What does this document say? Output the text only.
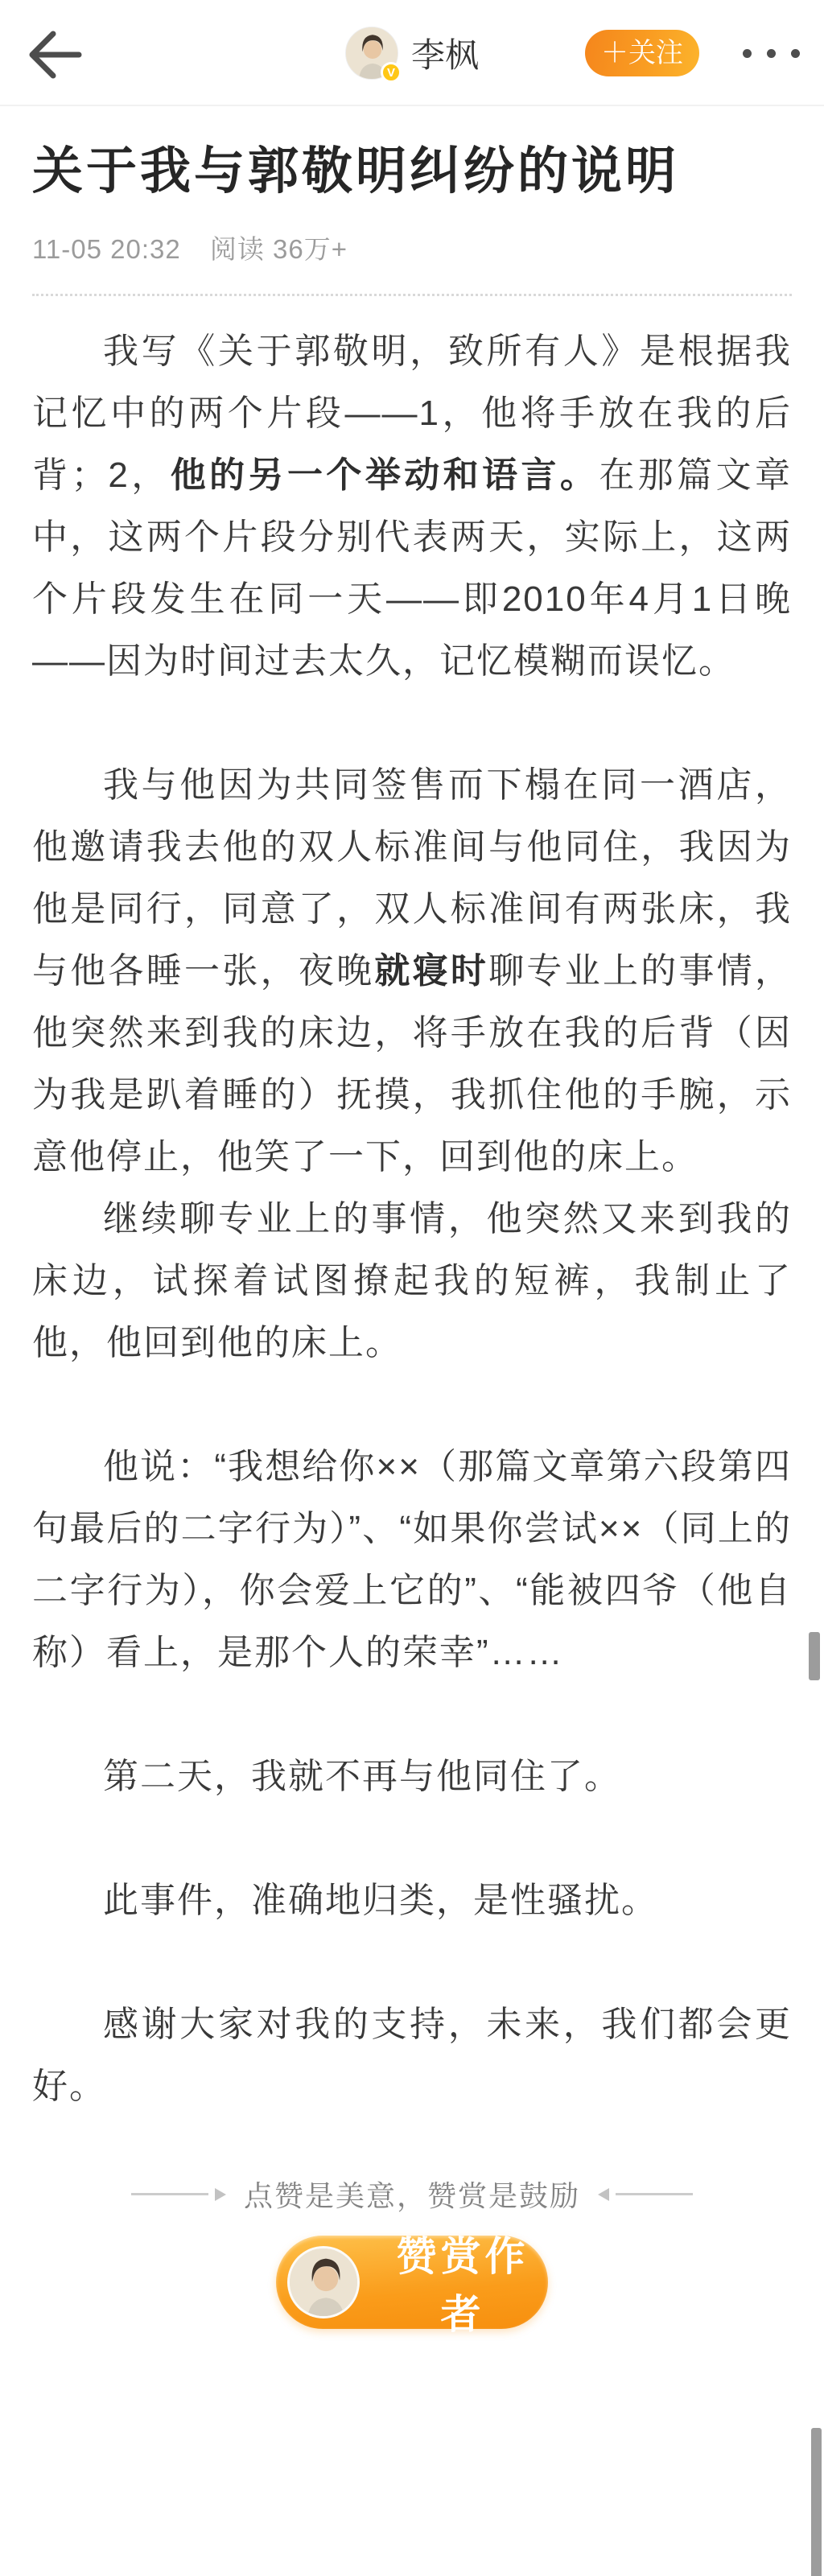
V 李枫	＋关注
关于我与郭敬明纠纷的说明
11-05 20:32 阅读 36万+

我写《关于郭敬明，致所有人》是根据我记忆中的两个片段——1，他将手放在我的后背；2，他的另一个举动和语言。在那篇文章中，这两个片段分别代表两天，实际上，这两个片段发生在同一天——即2010年4月1日晚——因为时间过去太久，记忆模糊而误忆。

我与他因为共同签售而下榻在同一酒店，他邀请我去他的双人标准间与他同住，我因为他是同行，同意了，双人标准间有两张床，我与他各睡一张，夜晚就寝时聊专业上的事情，他突然来到我的床边，将手放在我的后背（因为我是趴着睡的）抚摸，我抓住他的手腕，示意他停止，他笑了一下，回到他的床上。

继续聊专业上的事情，他突然又来到我的床边，试探着试图撩起我的短裤，我制止了他，他回到他的床上。

他说：“我想给你××（那篇文章第六段第四句最后的二字行为）”、“如果你尝试××（同上的二字行为），你会爱上它的”、“能被四爷（他自称）看上，是那个人的荣幸”……

第二天，我就不再与他同住了。

此事件，准确地归类，是性骚扰。

感谢大家对我的支持，未来，我们都会更好。

点赞是美意，赞赏是鼓励
赞赏作者
